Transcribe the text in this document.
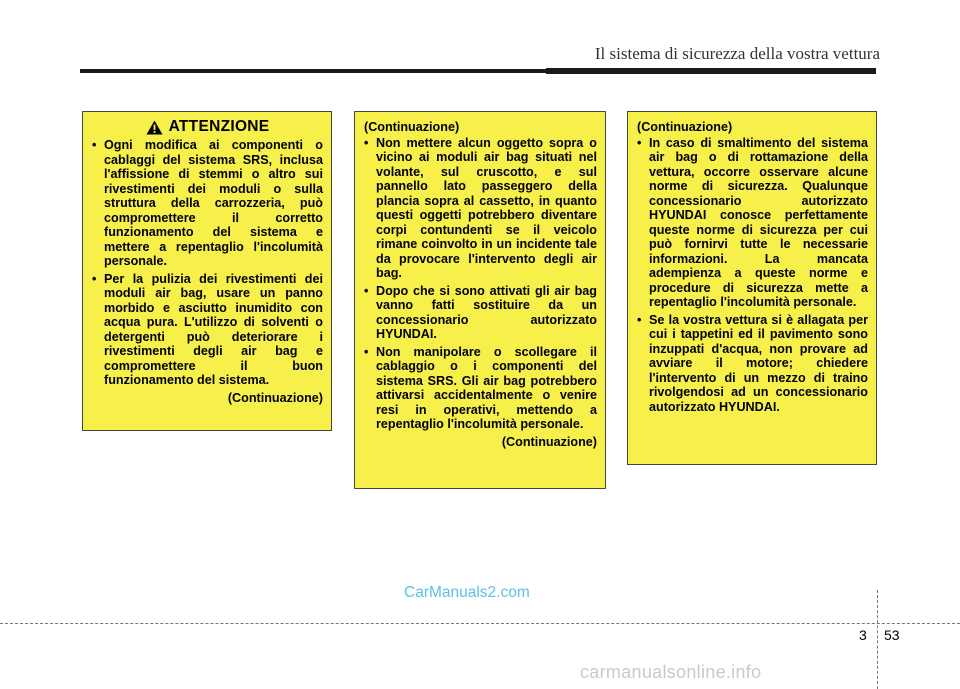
Il sistema di sicurezza della vostra vettura
ATTENZIONE
• Ogni modifica ai componenti o cablaggi del sistema SRS, inclusa l'affissione di stemmi o altro sui rivestimenti dei moduli o sulla struttura della carrozzeria, può compromettere il corretto funzionamento del sistema e mettere a repentaglio l'incolumità personale.
• Per la pulizia dei rivestimenti dei moduli air bag, usare un panno morbido e asciutto inumidito con acqua pura. L'utilizzo di solventi o detergenti può deteriorare i rivestimenti degli air bag e compromettere il buon funzionamento del sistema.
(Continuazione)
(Continuazione)
• Non mettere alcun oggetto sopra o vicino ai moduli air bag situati nel volante, sul cruscotto, e sul pannello lato passeggero della plancia sopra al cassetto, in quanto questi oggetti potrebbero diventare corpi contundenti se il veicolo rimane coinvolto in un incidente tale da provocare l'intervento degli air bag.
• Dopo che si sono attivati gli air bag vanno fatti sostituire da un concessionario autorizzato HYUNDAI.
• Non manipolare o scollegare il cablaggio o i componenti del sistema SRS. Gli air bag potrebbero attivarsi accidentalmente o venire resi in operativi, mettendo a repentaglio l'incolumità personale.
(Continuazione)
(Continuazione)
• In caso di smaltimento del sistema air bag o di rottamazione della vettura, occorre osservare alcune norme di sicurezza. Qualunque concessionario autorizzato HYUNDAI conosce perfettamente queste norme di sicurezza per cui può fornirvi tutte le necessarie informazioni. La mancata adempienza a queste norme e procedure di sicurezza mette a repentaglio l'incolumità personale.
• Se la vostra vettura si è allagata per cui i tappetini ed il pavimento sono inzuppati d'acqua, non provare ad avviare il motore; chiedere l'intervento di un mezzo di traino rivolgendosi ad un concessionario autorizzato HYUNDAI.
CarManuals2.com
3 53
carmanualsonline.info
